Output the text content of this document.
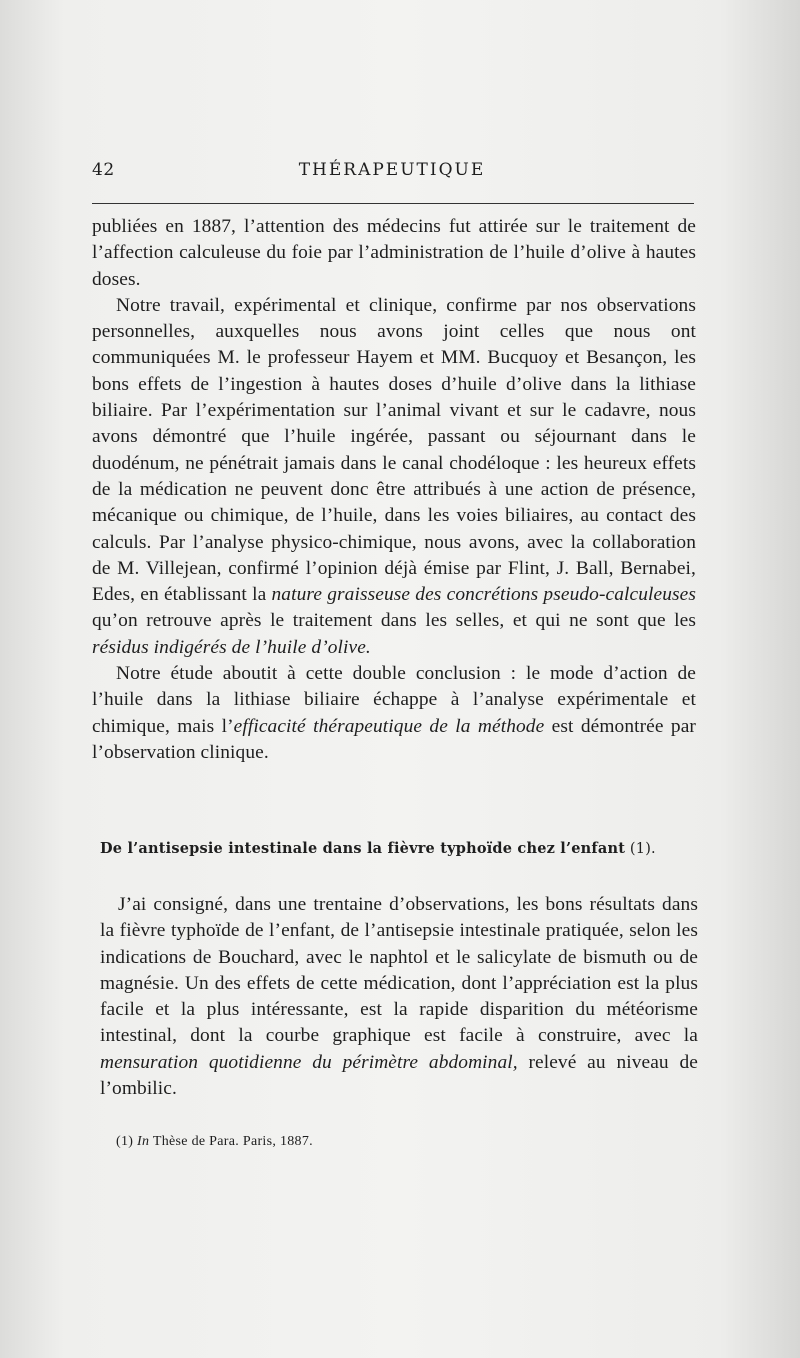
42	THÉRAPEUTIQUE

publiées en 1887, l’attention des médecins fut attirée sur le traitement de l’affection calculeuse du foie par l’administration de l’huile d’olive à hautes doses.

Notre travail, expérimental et clinique, confirme par nos observations personnelles, auxquelles nous avons joint celles que nous ont communiquées M. le professeur Hayem et MM. Bucquoy et Besançon, les bons effets de l’ingestion à hautes doses d’huile d’olive dans la lithiase biliaire. Par l’expérimentation sur l’animal vivant et sur le cadavre, nous avons démontré que l’huile ingérée, passant ou séjournant dans le duodénum, ne pénétrait jamais dans le canal chodéloque : les heureux effets de la médication ne peuvent donc être attribués à une action de présence, mécanique ou chimique, de l’huile, dans les voies biliaires, au contact des calculs. Par l’analyse physico-chimique, nous avons, avec la collaboration de M. Villejean, confirmé l’opinion déjà émise par Flint, J. Ball, Bernabei, Edes, en établissant la nature graisseuse des concrétions pseudo-calculeuses qu’on retrouve après le traitement dans les selles, et qui ne sont que les résidus indigérés de l’huile d’olive.

Notre étude aboutit à cette double conclusion : le mode d’action de l’huile dans la lithiase biliaire échappe à l’analyse expérimentale et chimique, mais l’efficacité thérapeutique de la méthode est démontrée par l’observation clinique.

De l’antisepsie intestinale dans la fièvre typhoïde chez l’enfant (1).

J’ai consigné, dans une trentaine d’observations, les bons résultats dans la fièvre typhoïde de l’enfant, de l’antisepsie intestinale pratiquée, selon les indications de Bouchard, avec le naphtol et le salicylate de bismuth ou de magnésie. Un des effets de cette médication, dont l’appréciation est la plus facile et la plus intéressante, est la rapide disparition du météorisme intestinal, dont la courbe graphique est facile à construire, avec la mensuration quotidienne du périmètre abdominal, relevé au niveau de l’ombilic.

(1) In Thèse de Para. Paris, 1887.
